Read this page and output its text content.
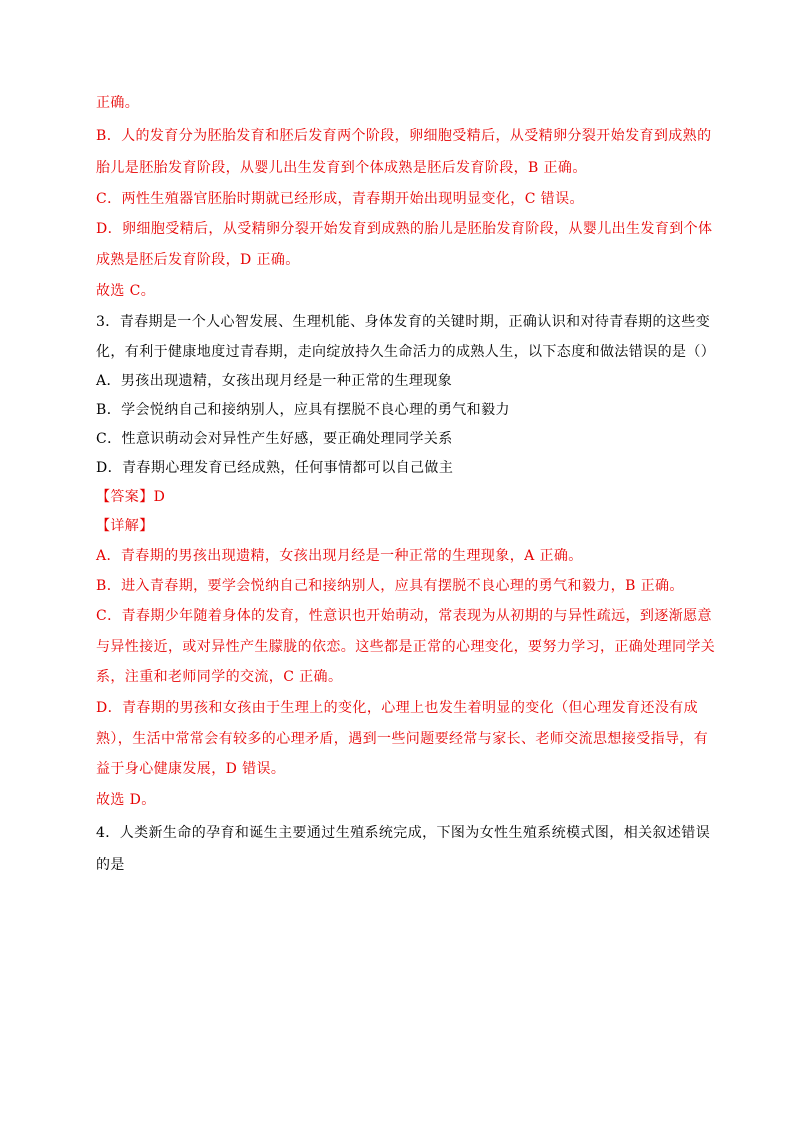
正确。
B．人的发育分为胚胎发育和胚后发育两个阶段，卵细胞受精后，从受精卵分裂开始发育到成熟的
胎儿是胚胎发育阶段，从婴儿出生发育到个体成熟是胚后发育阶段，B 正确。
C．两性生殖器官胚胎时期就已经形成，青春期开始出现明显变化，C 错误。
D．卵细胞受精后，从受精卵分裂开始发育到成熟的胎儿是胚胎发育阶段，从婴儿出生发育到个体
成熟是胚后发育阶段，D 正确。
故选 C。
3．青春期是一个人心智发展、生理机能、身体发育的关键时期，正确认识和对待青春期的这些变
化，有利于健康地度过青春期，走向绽放持久生命活力的成熟人生，以下态度和做法错误的是（）
A．男孩出现遗精，女孩出现月经是一种正常的生理现象
B．学会悦纳自己和接纳别人，应具有摆脱不良心理的勇气和毅力
C．性意识萌动会对异性产生好感，要正确处理同学关系
D．青春期心理发育已经成熟，任何事情都可以自己做主
【答案】D
【详解】
A．青春期的男孩出现遗精，女孩出现月经是一种正常的生理现象，A 正确。
B．进入青春期，要学会悦纳自己和接纳别人，应具有摆脱不良心理的勇气和毅力，B 正确。
C．青春期少年随着身体的发育，性意识也开始萌动，常表现为从初期的与异性疏远，到逐渐愿意
与异性接近，或对异性产生朦胧的依恋。这些都是正常的心理变化，要努力学习，正确处理同学关
系，注重和老师同学的交流，C 正确。
D．青春期的男孩和女孩由于生理上的变化，心理上也发生着明显的变化（但心理发育还没有成
熟），生活中常常会有较多的心理矛盾，遇到一些问题要经常与家长、老师交流思想接受指导，有
益于身心健康发展，D 错误。
故选 D。
4．人类新生命的孕育和诞生主要通过生殖系统完成，下图为女性生殖系统模式图，相关叙述错误
的是
